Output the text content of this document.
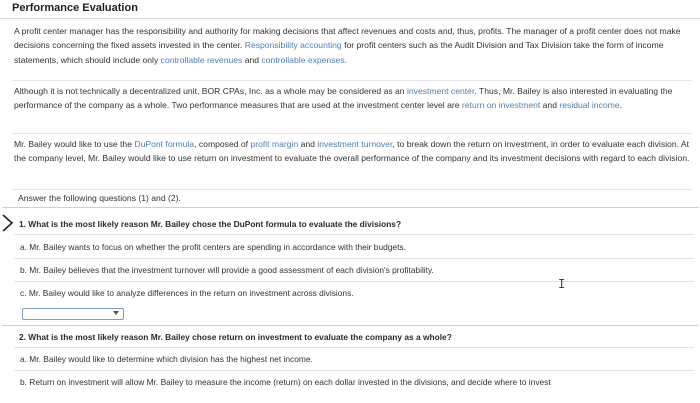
Performance Evaluation
A profit center manager has the responsibility and authority for making decisions that affect revenues and costs and, thus, profits. The manager of a profit center does not make decisions concerning the fixed assets invested in the center. Responsibility accounting for profit centers such as the Audit Division and Tax Division take the form of income statements, which should include only controllable revenues and controllable expenses.
Although it is not technically a decentralized unit, BOR CPAs, Inc. as a whole may be considered as an investment center. Thus, Mr. Bailey is also interested in evaluating the performance of the company as a whole. Two performance measures that are used at the investment center level are return on investment and residual income.
Mr. Bailey would like to use the DuPont formula, composed of profit margin and investment turnover, to break down the return on investment, in order to evaluate each division. At the company level, Mr. Bailey would like to use return on investment to evaluate the overall performance of the company and its investment decisions with regard to each division.
Answer the following questions (1) and (2).
1. What is the most likely reason Mr. Bailey chose the DuPont formula to evaluate the divisions?
a. Mr. Bailey wants to focus on whether the profit centers are spending in accordance with their budgets.
b. Mr. Bailey believes that the investment turnover will provide a good assessment of each division's profitability.
c. Mr. Bailey would like to analyze differences in the return on investment across divisions.
I
2. What is the most likely reason Mr. Bailey chose return on investment to evaluate the company as a whole?
a. Mr. Bailey would like to determine which division has the highest net income.
b. Return on investment will allow Mr. Bailey to measure the income (return) on each dollar invested in the divisions, and decide where to invest
